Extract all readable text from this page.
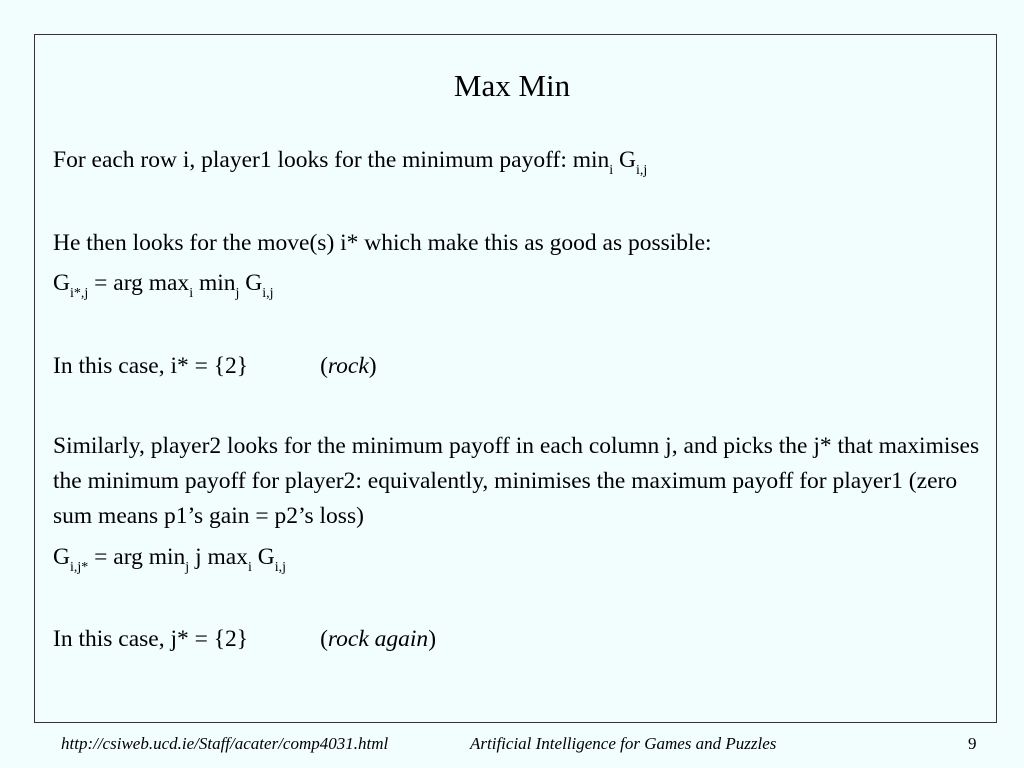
Max Min
For each row i, player1 looks for the minimum payoff: $\min_i G_{i,j}$
He then looks for the move(s) i* which make this as good as possible:
$G_{i*,j}$ = arg $\max_i \min_j G_{i,j}$
In this case, i* = {2}	(rock)
Similarly, player2 looks for the minimum payoff in each column j, and picks the j* that maximises the minimum payoff for player2: equivalently, minimises the maximum payoff for player1 (zero sum means p1’s gain = p2’s loss)
$G_{i,j*}$ = arg $\min_j j$ $\max_i G_{i,j}$
In this case, j* = {2}	(rock again)
http://csiweb.ucd.ie/Staff/acater/comp4031.html	Artificial Intelligence for Games and Puzzles	9
